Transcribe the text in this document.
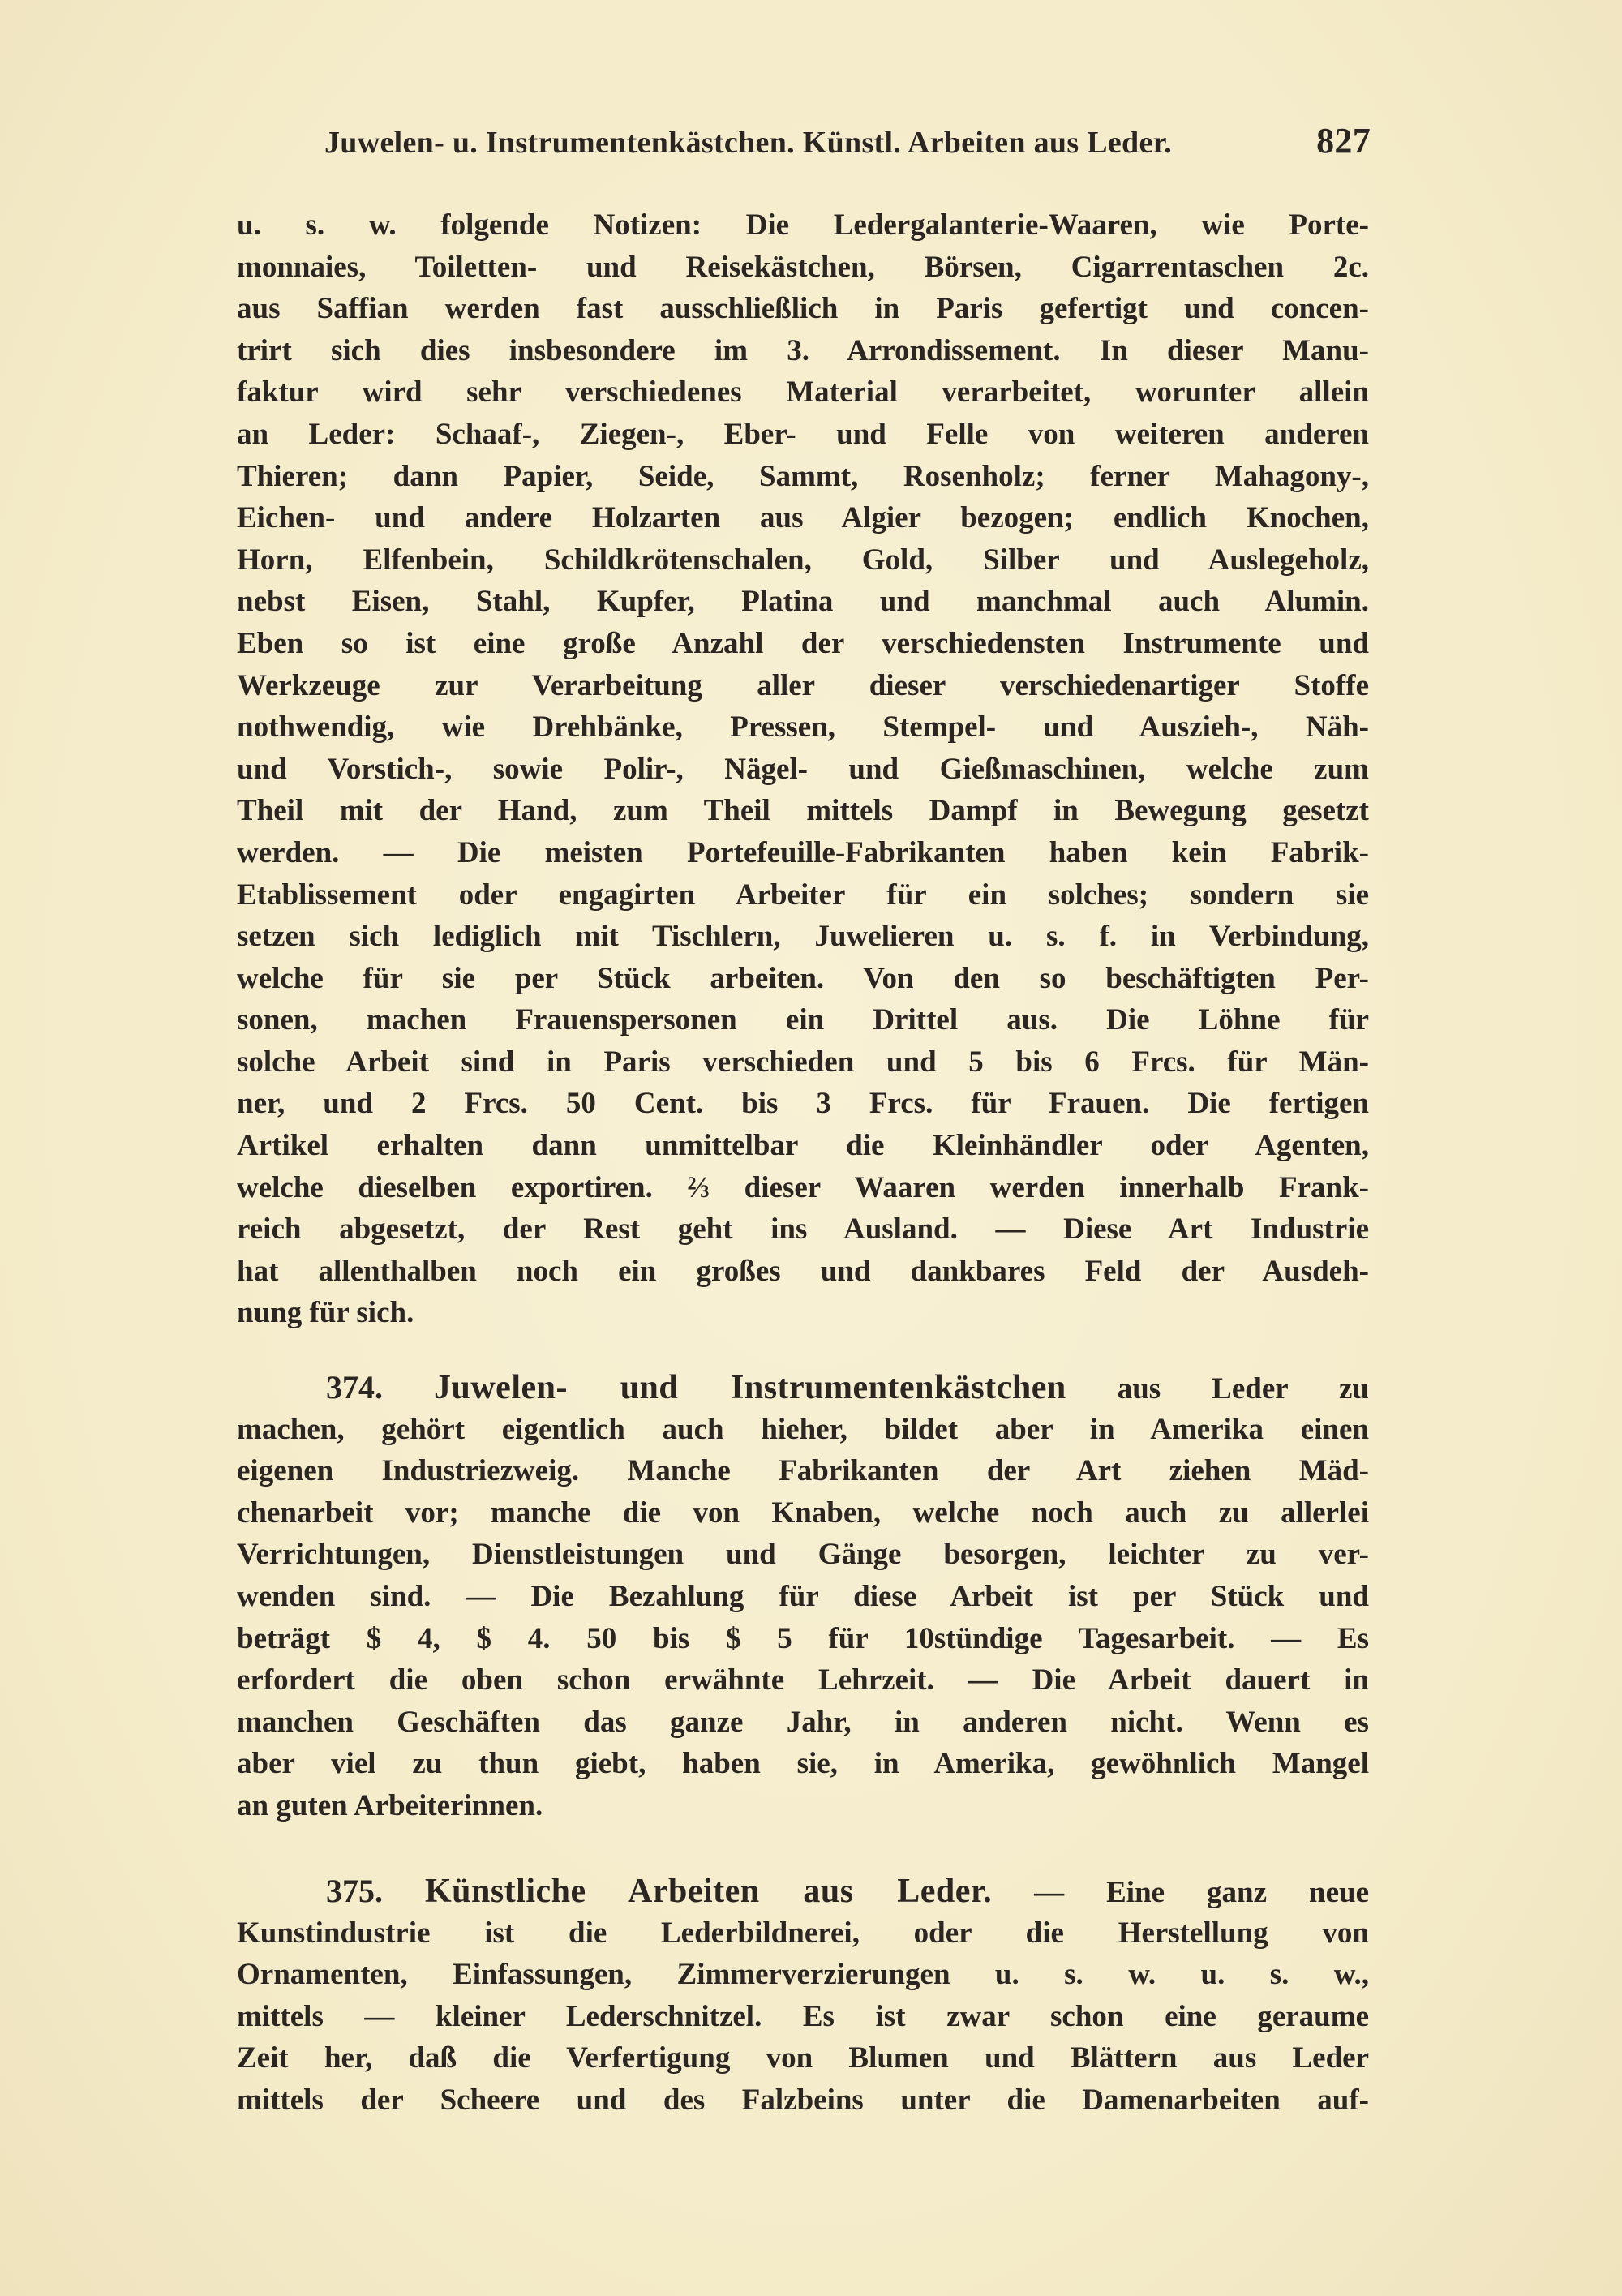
Juwelen- u. Instrumentenkästchen. Künstl. Arbeiten aus Leder.	827
u. s. w. folgende Notizen: Die Ledergalanterie-Waaren, wie Porte-
monnaies, Toiletten- und Reisekästchen, Börsen, Cigarrentaschen 2c.
aus Saffian werden fast ausschließlich in Paris gefertigt und concen-
trirt sich dies insbesondere im 3. Arrondissement. In dieser Manu-
faktur wird sehr verschiedenes Material verarbeitet, worunter allein
an Leder: Schaaf-, Ziegen-, Eber- und Felle von weiteren anderen
Thieren; dann Papier, Seide, Sammt, Rosenholz; ferner Mahagony-,
Eichen- und andere Holzarten aus Algier bezogen; endlich Knochen,
Horn, Elfenbein, Schildkrötenschalen, Gold, Silber und Auslegeholz,
nebst Eisen, Stahl, Kupfer, Platina und manchmal auch Alumin.
Eben so ist eine große Anzahl der verschiedensten Instrumente und
Werkzeuge zur Verarbeitung aller dieser verschiedenartiger Stoffe
nothwendig, wie Drehbänke, Pressen, Stempel- und Auszieh-, Näh-
und Vorstich-, sowie Polir-, Nägel- und Gießmaschinen, welche zum
Theil mit der Hand, zum Theil mittels Dampf in Bewegung gesetzt
werden. — Die meisten Portefeuille-Fabrikanten haben kein Fabrik-
Etablissement oder engagirten Arbeiter für ein solches; sondern sie
setzen sich lediglich mit Tischlern, Juwelieren u. s. f. in Verbindung,
welche für sie per Stück arbeiten. Von den so beschäftigten Per-
sonen, machen Frauenspersonen ein Drittel aus. Die Löhne für
solche Arbeit sind in Paris verschieden und 5 bis 6 Frcs. für Män-
ner, und 2 Frcs. 50 Cent. bis 3 Frcs. für Frauen. Die fertigen
Artikel erhalten dann unmittelbar die Kleinhändler oder Agenten,
welche dieselben exportiren. ⅔ dieser Waaren werden innerhalb Frank-
reich abgesetzt, der Rest geht ins Ausland. — Diese Art Industrie
hat allenthalben noch ein großes und dankbares Feld der Ausdeh-
nung für sich.
374. Juwelen- und Instrumentenkästchen aus Leder zu
machen, gehört eigentlich auch hieher, bildet aber in Amerika einen
eigenen Industriezweig. Manche Fabrikanten der Art ziehen Mäd-
chenarbeit vor; manche die von Knaben, welche noch auch zu allerlei
Verrichtungen, Dienstleistungen und Gänge besorgen, leichter zu ver-
wenden sind. — Die Bezahlung für diese Arbeit ist per Stück und
beträgt $ 4, $ 4. 50 bis $ 5 für 10stündige Tagesarbeit. — Es
erfordert die oben schon erwähnte Lehrzeit. — Die Arbeit dauert in
manchen Geschäften das ganze Jahr, in anderen nicht. Wenn es
aber viel zu thun giebt, haben sie, in Amerika, gewöhnlich Mangel
an guten Arbeiterinnen.
375. Künstliche Arbeiten aus Leder. — Eine ganz neue
Kunstindustrie ist die Lederbildnerei, oder die Herstellung von
Ornamenten, Einfassungen, Zimmerverzierungen u. s. w. u. s. w.,
mittels — kleiner Lederschnitzel. Es ist zwar schon eine geraume
Zeit her, daß die Verfertigung von Blumen und Blättern aus Leder
mittels der Scheere und des Falzbeins unter die Damenarbeiten auf-
